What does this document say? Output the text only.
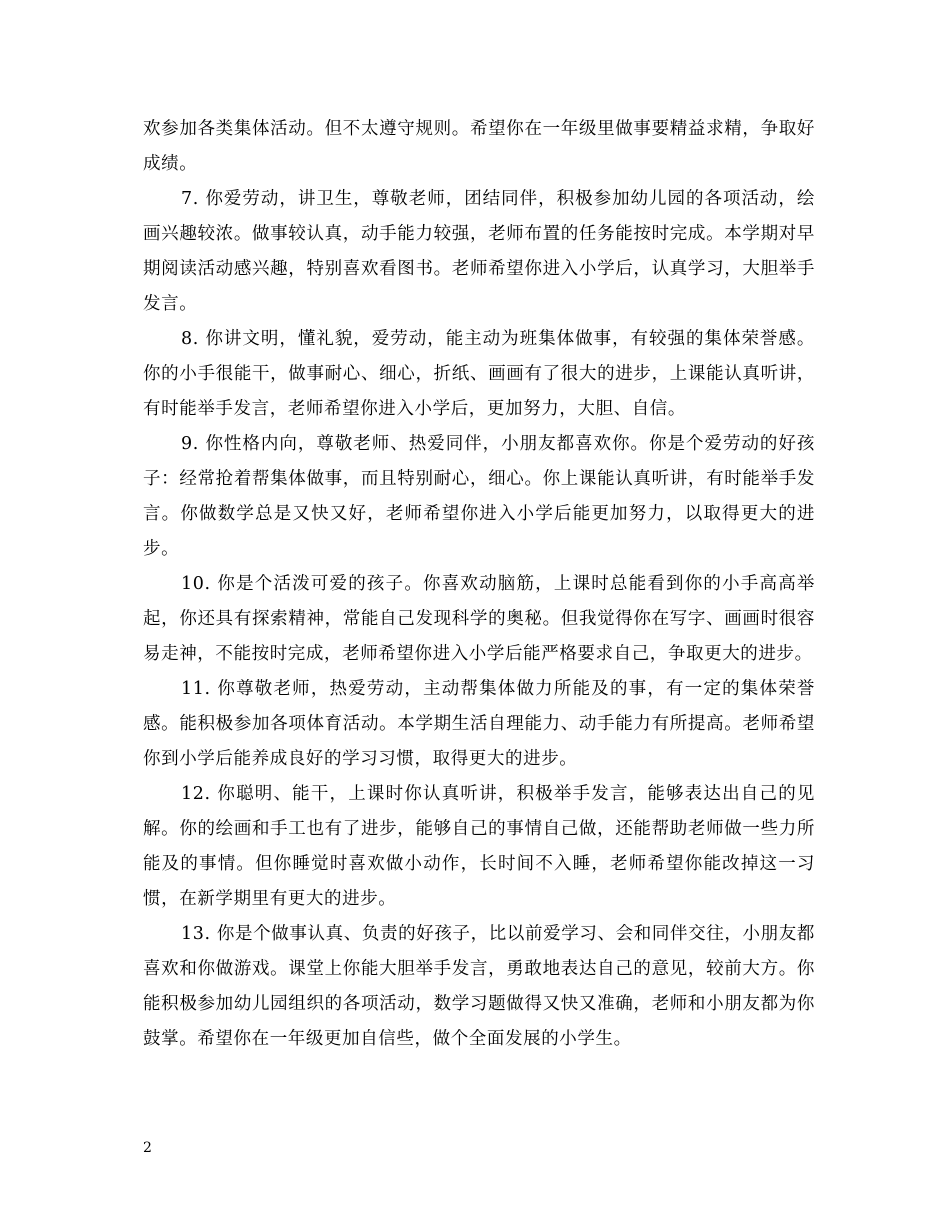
欢参加各类集体活动。但不太遵守规则。希望你在一年级里做事要精益求精，争取好成绩。

7. 你爱劳动，讲卫生，尊敬老师，团结同伴，积极参加幼儿园的各项活动，绘画兴趣较浓。做事较认真，动手能力较强，老师布置的任务能按时完成。本学期对早期阅读活动感兴趣，特别喜欢看图书。老师希望你进入小学后，认真学习，大胆举手发言。

8. 你讲文明，懂礼貌，爱劳动，能主动为班集体做事，有较强的集体荣誉感。你的小手很能干，做事耐心、细心，折纸、画画有了很大的进步，上课能认真听讲，有时能举手发言，老师希望你进入小学后，更加努力，大胆、自信。

9. 你性格内向，尊敬老师、热爱同伴，小朋友都喜欢你。你是个爱劳动的好孩子：经常抢着帮集体做事，而且特别耐心，细心。你上课能认真听讲，有时能举手发言。你做数学总是又快又好，老师希望你进入小学后能更加努力，以取得更大的进步。

10. 你是个活泼可爱的孩子。你喜欢动脑筋，上课时总能看到你的小手高高举起，你还具有探索精神，常能自己发现科学的奥秘。但我觉得你在写字、画画时很容易走神，不能按时完成，老师希望你进入小学后能严格要求自己，争取更大的进步。

11. 你尊敬老师，热爱劳动，主动帮集体做力所能及的事，有一定的集体荣誉感。能积极参加各项体育活动。本学期生活自理能力、动手能力有所提高。老师希望你到小学后能养成良好的学习习惯，取得更大的进步。

12. 你聪明、能干，上课时你认真听讲，积极举手发言，能够表达出自己的见解。你的绘画和手工也有了进步，能够自己的事情自己做，还能帮助老师做一些力所能及的事情。但你睡觉时喜欢做小动作，长时间不入睡，老师希望你能改掉这一习惯，在新学期里有更大的进步。

13. 你是个做事认真、负责的好孩子，比以前爱学习、会和同伴交往，小朋友都喜欢和你做游戏。课堂上你能大胆举手发言，勇敢地表达自己的意见，较前大方。你能积极参加幼儿园组织的各项活动，数学习题做得又快又准确，老师和小朋友都为你鼓掌。希望你在一年级更加自信些，做个全面发展的小学生。

2
